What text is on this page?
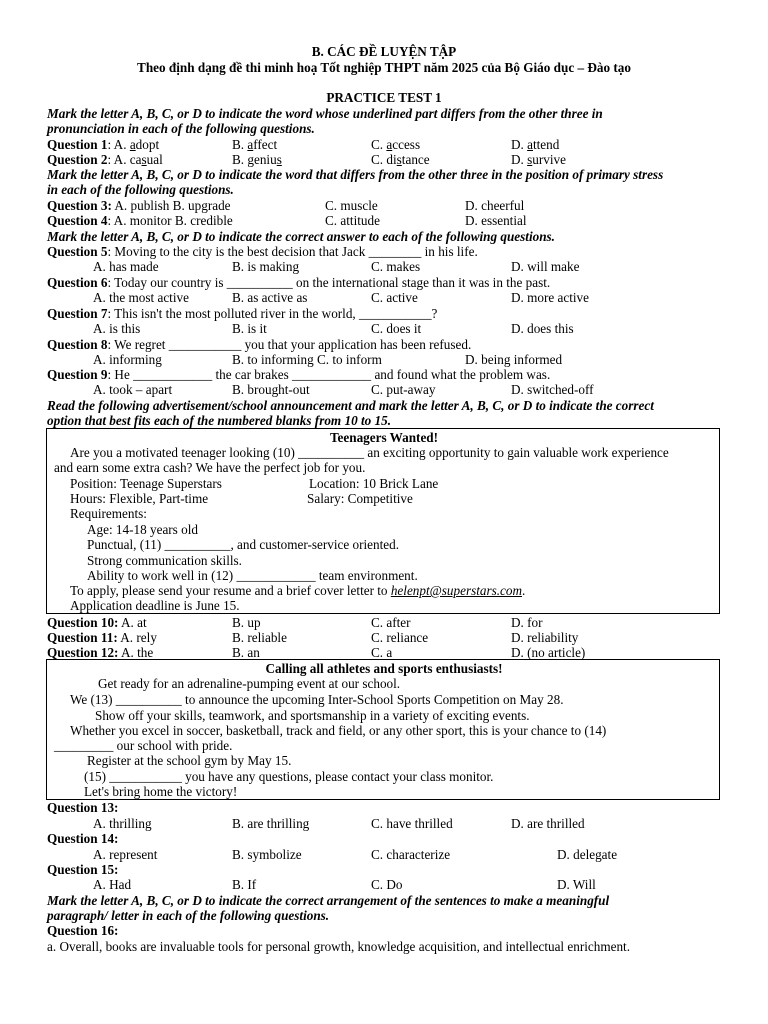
B. CÁC ĐỀ LUYỆN TẬP
Theo định dạng đề thi minh hoạ Tốt nghiệp THPT năm 2025 của Bộ Giáo dục – Đào tạo
PRACTICE TEST 1
Mark the letter A, B, C, or D to indicate the word whose underlined part differs from the other three in
pronunciation in each of the following questions.
Question 1: A. adopt	B. affect	C. access	D. attend
Question 2: A. casual	B. genius	C. distance	D. survive
Mark the letter A, B, C, or D to indicate the word that differs from the other three in the position of primary stress
in each of the following questions.
Question 3: A. publish B. upgrade	C. muscle	D. cheerful
Question 4: A. monitor B. credible	C. attitude	D. essential
Mark the letter A, B, C, or D to indicate the correct answer to each of the following questions.
Question 5: Moving to the city is the best decision that Jack ________ in his life.
A. has made	B. is making	C. makes	D. will make
Question 6: Today our country is __________ on the international stage than it was in the past.
A. the most active	B. as active as	C. active	D. more active
Question 7: This isn't the most polluted river in the world, ___________?
A. is this	B. is it	C. does it	D. does this
Question 8: We regret ___________ you that your application has been refused.
A. informing	B. to informing C. to inform	D. being informed
Question 9: He ____________ the car brakes ____________ and found what the problem was.
A. took – apart	B. brought-out	C. put-away	D. switched-off
Read the following advertisement/school announcement and mark the letter A, B, C, or D to indicate the correct
option that best fits each of the numbered blanks from 10 to 15.
Teenagers Wanted!
Are you a motivated teenager looking (10) __________ an exciting opportunity to gain valuable work experience
and earn some extra cash? We have the perfect job for you.
Position: Teenage Superstars	Location: 10 Brick Lane
Hours: Flexible, Part-time	Salary: Competitive
Requirements:
Age: 14-18 years old
Punctual, (11) __________, and customer-service oriented.
Strong communication skills.
Ability to work well in (12) ____________ team environment.
To apply, please send your resume and a brief cover letter to helenpt@superstars.com.
Application deadline is June 15.
Question 10: A. at	B. up	C. after	D. for
Question 11: A. rely	B. reliable	C. reliance	D. reliability
Question 12: A. the	B. an	C. a	D. (no article)
Calling all athletes and sports enthusiasts!
Get ready for an adrenaline-pumping event at our school.
We (13) __________ to announce the upcoming Inter-School Sports Competition on May 28.
Show off your skills, teamwork, and sportsmanship in a variety of exciting events.
Whether you excel in soccer, basketball, track and field, or any other sport, this is your chance to (14)
_________ our school with pride.
Register at the school gym by May 15.
(15) ___________ you have any questions, please contact your class monitor.
Let's bring home the victory!
Question 13:
A. thrilling	B. are thrilling	C. have thrilled	D. are thrilled
Question 14:
A. represent	B. symbolize	C. characterize	D. delegate
Question 15:
A. Had	B. If	C. Do	D. Will
Mark the letter A, B, C, or D to indicate the correct arrangement of the sentences to make a meaningful
paragraph/ letter in each of the following questions.
Question 16:
a. Overall, books are invaluable tools for personal growth, knowledge acquisition, and intellectual enrichment.
